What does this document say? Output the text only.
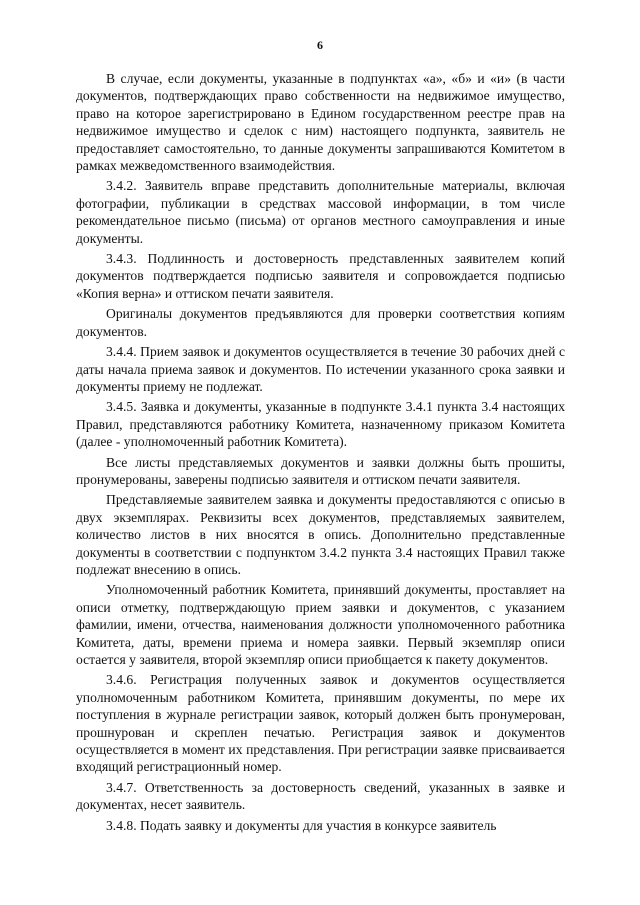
6

В случае, если документы, указанные в подпунктах «а», «б» и «и» (в части документов, подтверждающих право собственности на недвижимое имущество, право на которое зарегистрировано в Едином государственном реестре прав на недвижимое имущество и сделок с ним) настоящего подпункта, заявитель не предоставляет самостоятельно, то данные документы запрашиваются Комитетом в рамках межведомственного взаимодействия.

3.4.2. Заявитель вправе представить дополнительные материалы, включая фотографии, публикации в средствах массовой информации, в том числе рекомендательное письмо (письма) от органов местного самоуправления и иные документы.

3.4.3. Подлинность и достоверность представленных заявителем копий документов подтверждается подписью заявителя и сопровождается подписью «Копия верна» и оттиском печати заявителя.

Оригиналы документов предъявляются для проверки соответствия копиям документов.

3.4.4. Прием заявок и документов осуществляется в течение 30 рабочих дней с даты начала приема заявок и документов. По истечении указанного срока заявки и документы приему не подлежат.

3.4.5. Заявка и документы, указанные в подпункте 3.4.1 пункта 3.4 настоящих Правил, представляются работнику Комитета, назначенному приказом Комитета (далее - уполномоченный работник Комитета).

Все листы представляемых документов и заявки должны быть прошиты, пронумерованы, заверены подписью заявителя и оттиском печати заявителя.

Представляемые заявителем заявка и документы предоставляются с описью в двух экземплярах. Реквизиты всех документов, представляемых заявителем, количество листов в них вносятся в опись. Дополнительно представленные документы в соответствии с подпунктом 3.4.2 пункта 3.4 настоящих Правил также подлежат внесению в опись.

Уполномоченный работник Комитета, принявший документы, проставляет на описи отметку, подтверждающую прием заявки и документов, с указанием фамилии, имени, отчества, наименования должности уполномоченного работника Комитета, даты, времени приема и номера заявки. Первый экземпляр описи остается у заявителя, второй экземпляр описи приобщается к пакету документов.

3.4.6. Регистрация полученных заявок и документов осуществляется уполномоченным работником Комитета, принявшим документы, по мере их поступления в журнале регистрации заявок, который должен быть пронумерован, прошнурован и скреплен печатью. Регистрация заявок и документов осуществляется в момент их представления. При регистрации заявке присваивается входящий регистрационный номер.

3.4.7. Ответственность за достоверность сведений, указанных в заявке и документах, несет заявитель.

3.4.8. Подать заявку и документы для участия в конкурсе заявитель
